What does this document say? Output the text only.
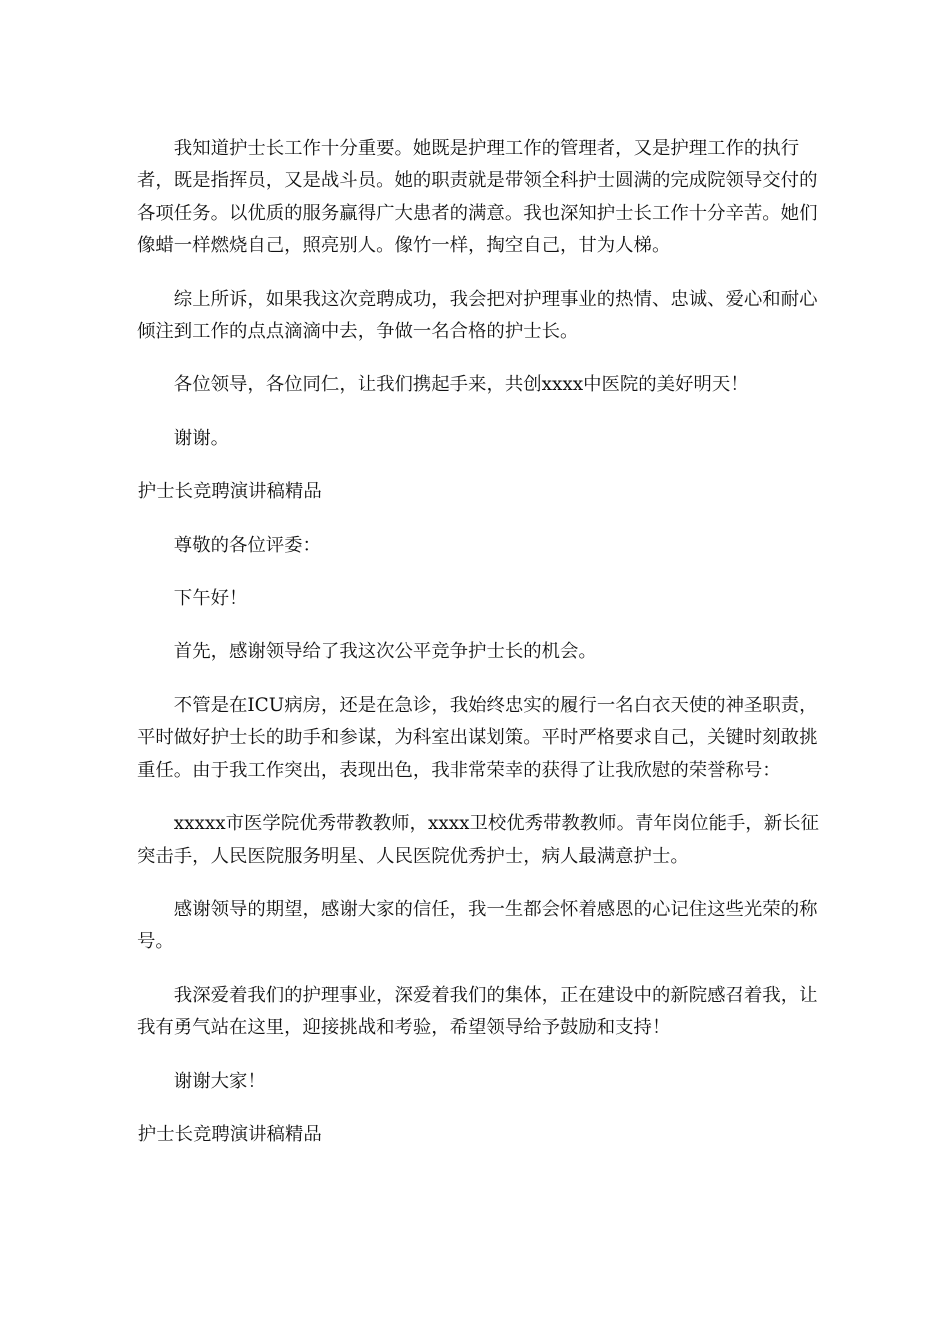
我知道护士长工作十分重要。她既是护理工作的管理者，又是护理工作的执行者，既是指挥员，又是战斗员。她的职责就是带领全科护士圆满的完成院领导交付的各项任务。以优质的服务赢得广大患者的满意。我也深知护士长工作十分辛苦。她们像蜡一样燃烧自己，照亮别人。像竹一样，掏空自己，甘为人梯。

综上所诉，如果我这次竞聘成功，我会把对护理事业的热情、忠诚、爱心和耐心倾注到工作的点点滴滴中去，争做一名合格的护士长。

各位领导，各位同仁，让我们携起手来，共创xxxx中医院的美好明天！

谢谢。

护士长竞聘演讲稿精品

尊敬的各位评委：

下午好！

首先，感谢领导给了我这次公平竞争护士长的机会。

不管是在ICU病房，还是在急诊，我始终忠实的履行一名白衣天使的神圣职责，平时做好护士长的助手和参谋，为科室出谋划策。平时严格要求自己，关键时刻敢挑重任。由于我工作突出，表现出色，我非常荣幸的获得了让我欣慰的荣誉称号：

xxxxx市医学院优秀带教教师，xxxx卫校优秀带教教师。青年岗位能手，新长征突击手，人民医院服务明星、人民医院优秀护士，病人最满意护士。

感谢领导的期望，感谢大家的信任，我一生都会怀着感恩的心记住这些光荣的称号。

我深爱着我们的护理事业，深爱着我们的集体，正在建设中的新院感召着我，让我有勇气站在这里，迎接挑战和考验，希望领导给予鼓励和支持！

谢谢大家！

护士长竞聘演讲稿精品
